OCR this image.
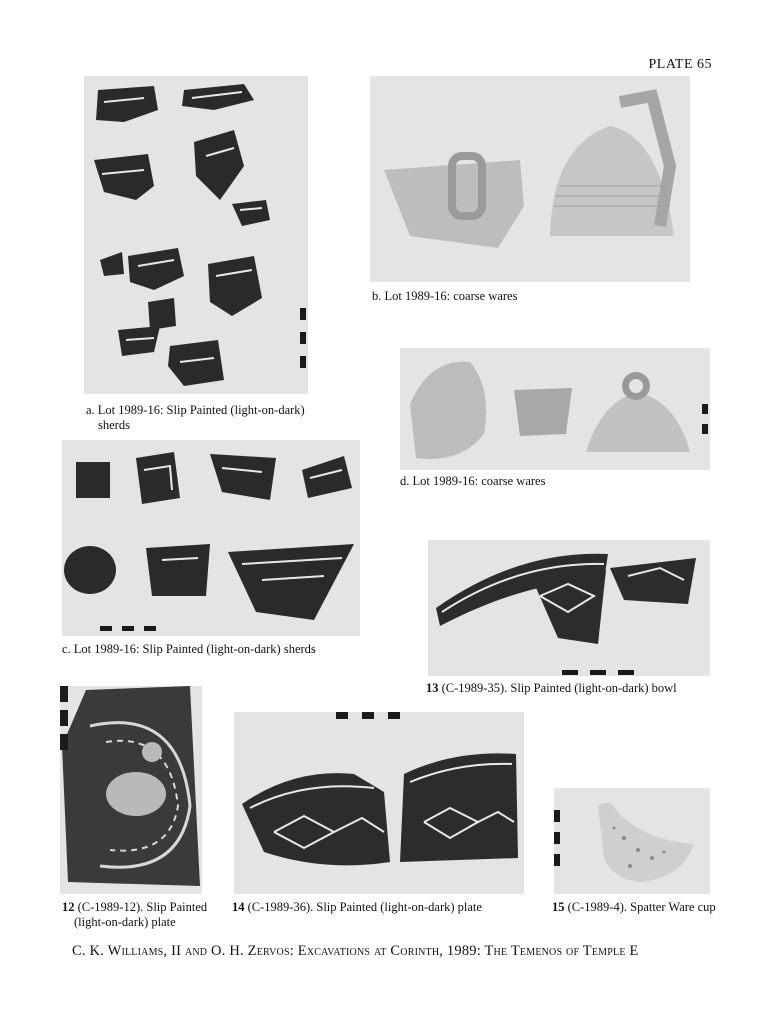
PLATE 65
a. Lot 1989-16: Slip Painted (light-on-dark) sherds
b. Lot 1989-16: coarse wares
d. Lot 1989-16: coarse wares
c. Lot 1989-16: Slip Painted (light-on-dark) sherds
13 (C-1989-35). Slip Painted (light-on-dark) bowl
12 (C-1989-12). Slip Painted (light-on-dark) plate
14 (C-1989-36). Slip Painted (light-on-dark) plate	15 (C-1989-4). Spatter Ware cup
C. K. Williams, II and O. H. Zervos: Excavations at Corinth, 1989: The Temenos of Temple E
